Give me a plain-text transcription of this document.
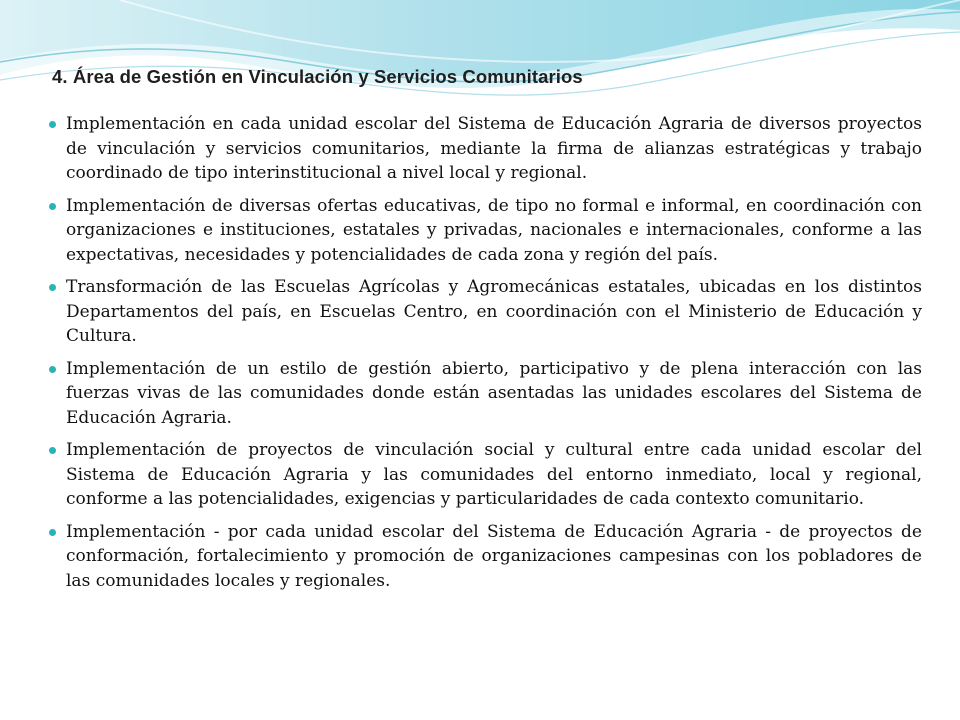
4. Área de Gestión en Vinculación y Servicios Comunitarios
Implementación en cada unidad escolar del Sistema de Educación Agraria de diversos proyectos de vinculación y servicios comunitarios, mediante la firma de alianzas estratégicas y trabajo coordinado de tipo interinstitucional a nivel local y regional.
Implementación de diversas ofertas educativas, de tipo no formal e informal, en coordinación con organizaciones e instituciones, estatales y privadas, nacionales e internacionales, conforme a las expectativas, necesidades y potencialidades de cada zona y región del país.
Transformación de las Escuelas Agrícolas y Agromecánicas estatales, ubicadas en los distintos Departamentos del país, en Escuelas Centro, en coordinación con el Ministerio de Educación y Cultura.
Implementación de un estilo de gestión abierto, participativo y de plena interacción con las fuerzas vivas de las comunidades donde están asentadas las unidades escolares del Sistema de Educación Agraria.
Implementación de proyectos de vinculación social y cultural entre cada unidad escolar del Sistema de Educación Agraria y las comunidades del entorno inmediato, local y regional, conforme a las potencialidades, exigencias y particularidades de cada contexto comunitario.
Implementación - por cada unidad escolar del Sistema de Educación Agraria - de proyectos de conformación, fortalecimiento y promoción de organizaciones campesinas con los pobladores de las comunidades locales y regionales.
